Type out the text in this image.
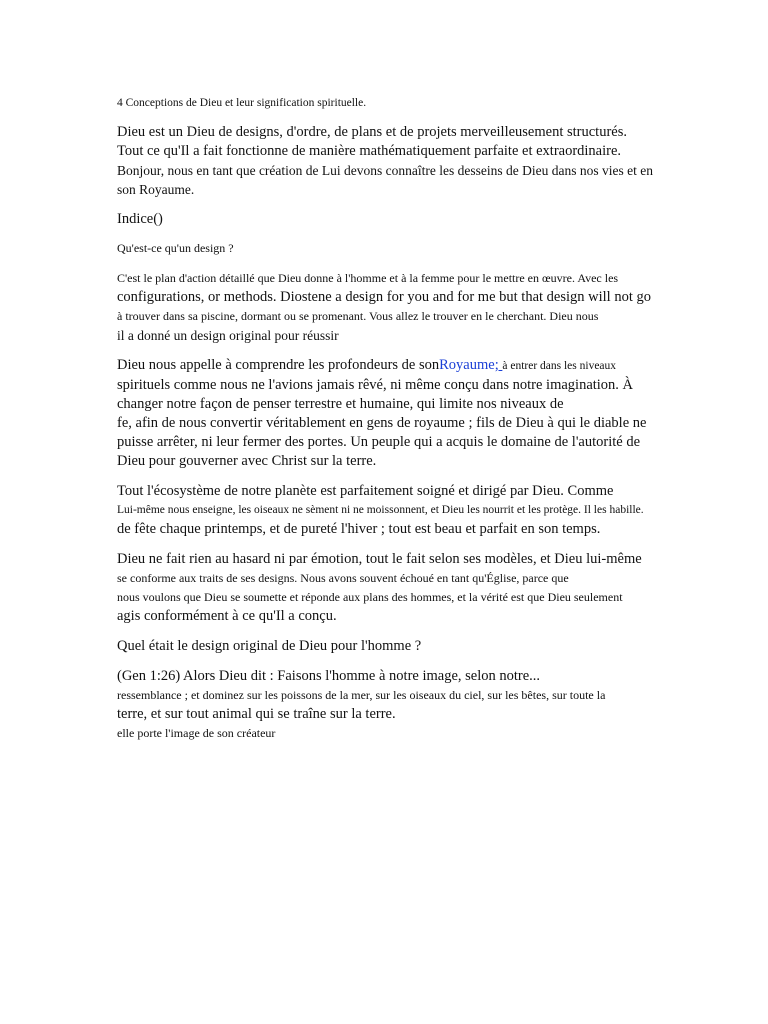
4 Conceptions de Dieu et leur signification spirituelle.
Dieu est un Dieu de designs, d'ordre, de plans et de projets merveilleusement structurés.
Tout ce qu'Il a fait fonctionne de manière mathématiquement parfaite et extraordinaire.
Bonjour, nous en tant que création de Lui devons connaître les desseins de Dieu dans nos vies et en
son Royaume.
Indice()
Qu'est-ce qu'un design ?
C'est le plan d'action détaillé que Dieu donne à l'homme et à la femme pour le mettre en œuvre. Avec les
configurations, or methods. Diostene a design for you and for me but that design will not go
à trouver dans sa piscine, dormant ou se promenant. Vous allez le trouver en le cherchant. Dieu nous
il a donné un design original pour réussir
Dieu nous appelle à comprendre les profondeurs de sonRoyaume; à entrer dans les niveaux
spirituels comme nous ne l'avions jamais rêvé, ni même conçu dans notre imagination. À
changer notre façon de penser terrestre et humaine, qui limite nos niveaux de
fe, afin de nous convertir véritablement en gens de royaume ; fils de Dieu à qui le diable ne
puisse arrêter, ni leur fermer des portes. Un peuple qui a acquis le domaine de l'autorité de
Dieu pour gouverner avec Christ sur la terre.
Tout l'écosystème de notre planète est parfaitement soigné et dirigé par Dieu. Comme
Lui-même nous enseigne, les oiseaux ne sèment ni ne moissonnent, et Dieu les nourrit et les protège. Il les habille.
de fête chaque printemps, et de pureté l'hiver ; tout est beau et parfait en son temps.
Dieu ne fait rien au hasard ni par émotion, tout le fait selon ses modèles, et Dieu lui-même
se conforme aux traits de ses designs. Nous avons souvent échoué en tant qu'Église, parce que
nous voulons que Dieu se soumette et réponde aux plans des hommes, et la vérité est que Dieu seulement
agis conformément à ce qu'Il a conçu.
Quel était le design original de Dieu pour l'homme ?
(Gen 1:26) Alors Dieu dit : Faisons l'homme à notre image, selon notre...
ressemblance ; et dominez sur les poissons de la mer, sur les oiseaux du ciel, sur les bêtes, sur toute la
terre, et sur tout animal qui se traîne sur la terre.
elle porte l'image de son créateur
